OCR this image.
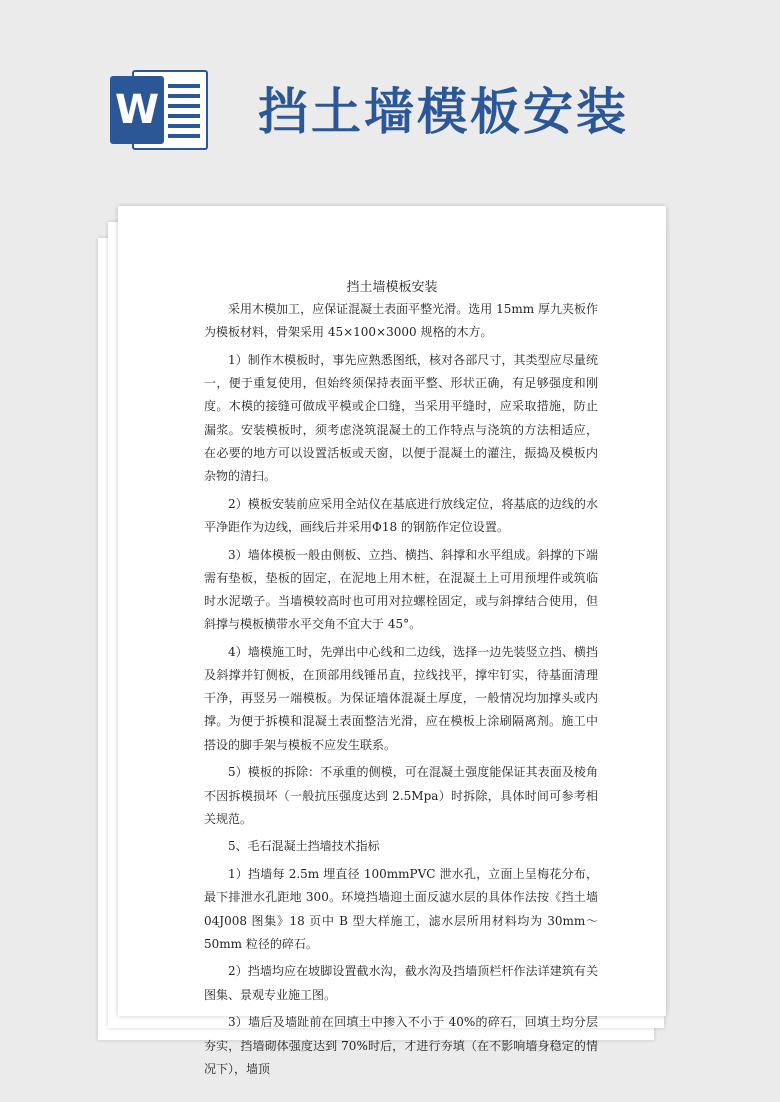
W 挡土墙模板安装
挡土墙模板安装

采用木模加工，应保证混凝土表面平整光滑。选用 15mm 厚九夹板作为模板材料，骨架采用 45×100×3000 规格的木方。

1）制作木模板时，事先应熟悉图纸，核对各部尺寸，其类型应尽量统一，便于重复使用，但始终须保持表面平整、形状正确，有足够强度和刚度。木模的接缝可做成平模或企口缝，当采用平缝时，应采取措施，防止漏浆。安装模板时，须考虑浇筑混凝土的工作特点与浇筑的方法相适应，在必要的地方可以设置活板或天窗，以便于混凝土的灌注，振捣及模板内杂物的清扫。

2）模板安装前应采用全站仪在基底进行放线定位，将基底的边线的水平净距作为边线，画线后并采用Φ18 的钢筋作定位设置。

3）墙体模板一般由侧板、立挡、横挡、斜撑和水平组成。斜撑的下端需有垫板，垫板的固定，在泥地上用木桩，在混凝土上可用预埋件或筑临时水泥墩子。当墙模较高时也可用对拉螺栓固定，或与斜撑结合使用，但斜撑与模板横带水平交角不宜大于 45°。

4）墙模施工时，先弹出中心线和二边线，选择一边先装竖立挡、横挡及斜撑并钉侧板，在顶部用线锤吊直，拉线找平，撑牢钉实，待基面清理干净，再竖另一端模板。为保证墙体混凝土厚度，一般情况均加撑头或内撑。为便于拆模和混凝土表面整洁光滑，应在模板上涂刷隔离剂。施工中搭设的脚手架与模板不应发生联系。

5）模板的拆除：不承重的侧模，可在混凝土强度能保证其表面及棱角不因拆模损坏（一般抗压强度达到 2.5Mpa）时拆除，具体时间可参考相关规范。

5、毛石混凝土挡墙技术指标

1）挡墙每 2.5m 埋直径 100mmPVC 泄水孔，立面上呈梅花分布，最下排泄水孔距地 300。环境挡墙迎土面反滤水层的具体作法按《挡土墙 04J008 图集》18 页中 B 型大样施工，滤水层所用材料均为 30mm～50mm 粒径的碎石。

2）挡墙均应在坡脚设置截水沟，截水沟及挡墙顶栏杆作法详建筑有关图集、景观专业施工图。

3）墙后及墙趾前在回填土中掺入不小于 40%的碎石，回填土均分层夯实，挡墙砌体强度达到 70%时后，才进行夯填（在不影响墙身稳定的情况下），墙顶
